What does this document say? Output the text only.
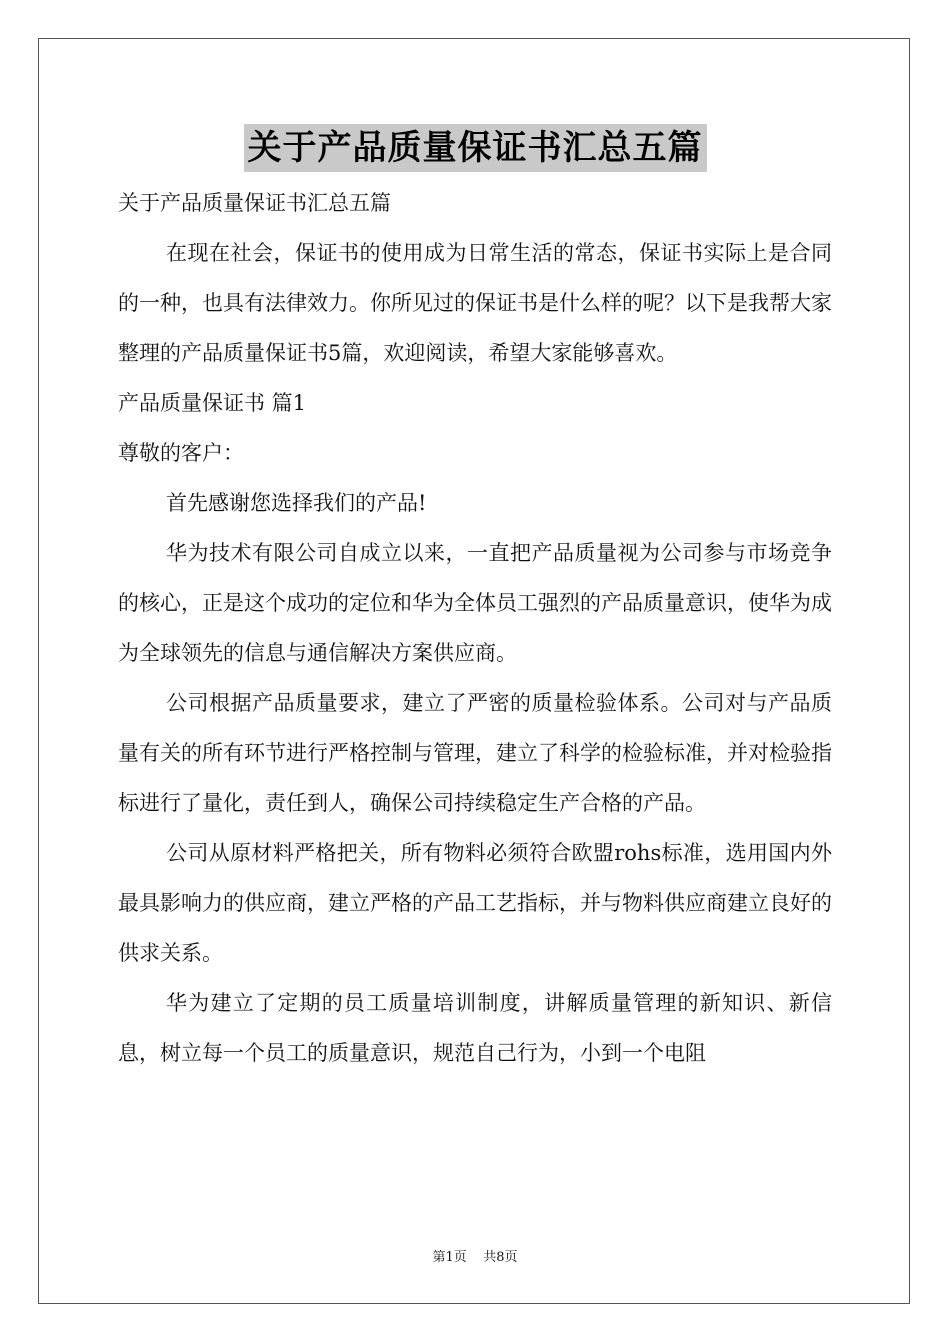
关于产品质量保证书汇总五篇

关于产品质量保证书汇总五篇

在现在社会，保证书的使用成为日常生活的常态，保证书实际上是合同的一种，也具有法律效力。你所见过的保证书是什么样的呢？以下是我帮大家整理的产品质量保证书5篇，欢迎阅读，希望大家能够喜欢。

产品质量保证书 篇1

尊敬的客户：

首先感谢您选择我们的产品!

华为技术有限公司自成立以来，一直把产品质量视为公司参与市场竞争的核心，正是这个成功的定位和华为全体员工强烈的产品质量意识，使华为成为全球领先的信息与通信解决方案供应商。

公司根据产品质量要求，建立了严密的质量检验体系。公司对与产品质量有关的所有环节进行严格控制与管理，建立了科学的检验标准，并对检验指标进行了量化，责任到人，确保公司持续稳定生产合格的产品。

公司从原材料严格把关，所有物料必须符合欧盟rohs标准，选用国内外最具影响力的供应商，建立严格的产品工艺指标，并与物料供应商建立良好的供求关系。

华为建立了定期的员工质量培训制度，讲解质量管理的新知识、新信息，树立每一个员工的质量意识，规范自己行为，小到一个电阻

第1页 共8页
